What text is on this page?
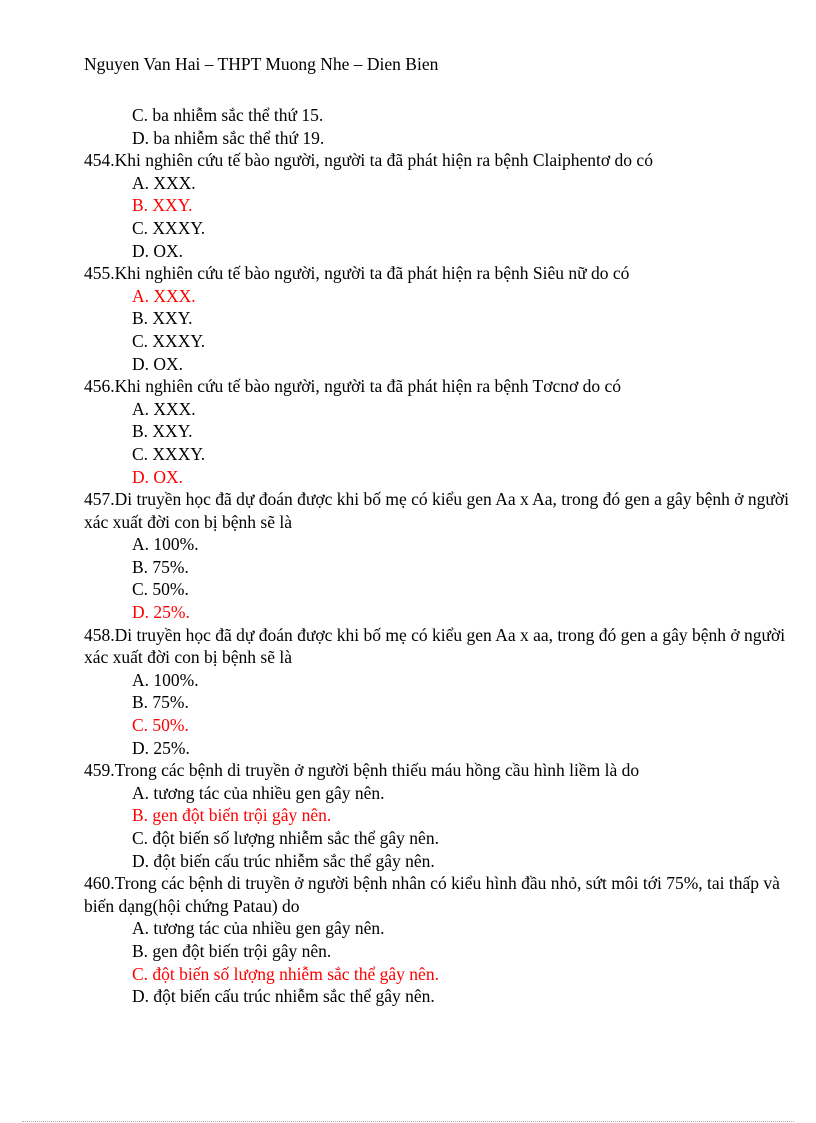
Nguyen Van Hai – THPT Muong Nhe – Dien Bien
C. ba nhiễm sắc thể thứ 15.
D. ba nhiễm sắc thể thứ 19.
454.Khi nghiên cứu tế bào người, người ta đã phát hiện ra bệnh Claiphentơ do có
A. XXX.
B. XXY.
C. XXXY.
D. OX.
455.Khi nghiên cứu tế bào người, người ta đã phát hiện ra bệnh Siêu nữ do có
A. XXX.
B. XXY.
C. XXXY.
D. OX.
456.Khi nghiên cứu tế bào người, người ta đã phát hiện ra bệnh Tơcnơ do có
A. XXX.
B. XXY.
C. XXXY.
D. OX.
457.Di truyền học đã dự đoán được khi bố mẹ có kiểu gen Aa x Aa, trong đó gen a gây bệnh ở người xác xuất đời con bị bệnh sẽ là
A. 100%.
B. 75%.
C. 50%.
D. 25%.
458.Di truyền học đã dự đoán được khi bố mẹ có kiểu gen Aa x aa, trong đó gen a gây bệnh ở người xác xuất đời con bị bệnh sẽ là
A. 100%.
B. 75%.
C. 50%.
D. 25%.
459.Trong các bệnh di truyền ở người bệnh thiếu máu hồng cầu hình liềm là do
A. tương tác của nhiều gen gây nên.
B. gen đột biến trội gây nên.
C. đột biến số lượng nhiễm sắc thể gây nên.
D. đột biến cấu trúc nhiễm sắc thể gây nên.
460.Trong các bệnh di truyền ở người bệnh nhân có kiểu hình đầu nhỏ, sứt môi tới 75%, tai thấp và biến dạng(hội chứng Patau) do
A. tương tác của nhiều gen gây nên.
B. gen đột biến trội gây nên.
C. đột biến số lượng nhiễm sắc thể gây nên.
D. đột biến cấu trúc nhiễm sắc thể gây nên.
